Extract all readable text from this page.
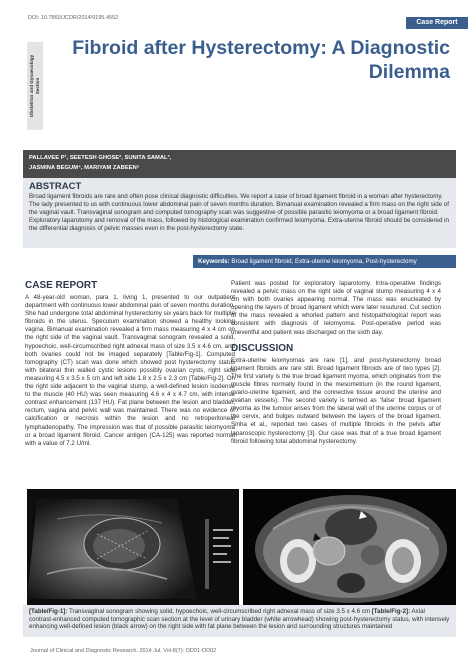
DOI: 10.7860/JCDR/2014/9195.4552
Case Report
Obstetrics and Gynaecology Section
Fibroid after Hysterectomy: A Diagnostic
Dilemma
PALLAVEE P¹, SEETESH GHOSE², SUNITA SAMAL³,
JASMINA BEGUM⁴, MARIYAM ZABEEN⁵
ABSTRACT
Broad ligament fibroids are rare and often pose clinical diagnostic difficulties. We report a case of broad ligament fibroid in a woman after hysterectomy. The lady presented to us with continuous lower abdominal pain of seven months duration. Bimanual examination revealed a firm mass on the right side of the vaginal vault. Transvaginal sonogram and computed tomography scan was suggestive of possible parasitic leiomyoma or a broad ligament fibroid. Exploratory laparotomy and removal of the mass, followed by histological examination confirmed leiomyoma. Extra-uterine fibroid should be considered in the differential diagnosis of pelvic masses even in the post-hysterectomy state.
Keywords: Broad ligament fibroid, Extra-uterine leiomyoma, Post-hysterectomy
CASE REPORT

A 48-year-old woman, para 1, living 1, presented to our outpatient department with continuous lower abdominal pain of seven months duration. She had undergone total abdominal hysterectomy six years back for multiple fibroids in the uterus. Speculum examination showed a healthy looking vagina. Bimanual examination revealed a firm mass measuring 4 x 4 cm on the right side of the vaginal vault. Transvaginal sonogram revealed a solid, hypoechoic, well-circumscribed right adnexal mass of size 3.5 x 4.6 cm, and both ovaries could not be imaged separately [Table/Fig-1]. Computed tomography (CT) scan was done which showed post hysterectomy status with bilateral thin walled cystic lesions possibly ovarian cysts, right side measuring 4.5 x 3.5 x 5 cm and left side 1.8 x 2.5 x 2.3 cm [Table/Fig-2]. On the right side adjacent to the vaginal stump, a well-defined lesion isodense to the muscle (40 HU) was seen measuring 4.6 x 4 x 4.7 cm, with intense contrast enhancement (137 HU). Fat plane between the lesion and bladder, rectum, vagina and pelvic wall was maintained. There was no evidence of calcification or necrosis within the lesion and no retroperitoneal lymphadenopathy. The impression was that of possible parasitic leiomyoma or a broad ligament fibroid. Cancer antigen (CA-125) was reported normal with a value of 7.2 U/ml.

Patient was posted for exploratory laparotomy. Intra-operative findings revealed a pelvic mass on the right side of vaginal stump measuring 4 x 4 cm with both ovaries appearing normal. The mass was enucleated by opening the layers of broad ligament which were later resutured. Cut section of the mass revealed a whorled pattern and histopathological report was consistent with diagnosis of leiomyoma. Post-operative period was uneventful and patient was discharged on the sixth day.

DISCUSSION

Extra-uterine leiomyomas are rare [1], and post-hysterectomy broad ligament fibroids are rare still. Broad ligament fibroids are of two types [2]. The first variety is the true broad ligament myoma, which originates from the muscle fibres normally found in the mesometrium (in the round ligament, ovario-uterine ligament, and the connective tissue around the uterine and ovarian vessels). The second variety is termed as ‘false’ broad ligament myoma as the tumour arises from the lateral wall of the uterine corpus or of the cervix, and bulges outward between the layers of the broad ligament. Sinha et al., reported two cases of multiple fibroids in the pelvis after laparoscopic hysterectomy [3]. Our case was that of a true broad ligament fibroid following total abdominal hysterectomy.

[Table/Fig-1]: Transvaginal sonogram showing solid, hypoechoic, well-circumscribed right adnexal mass of size 3.5 x 4.6 cm [Table/Fig-2]: Axial contrast-enhanced computed tomographic scan section at the level of urinary bladder (white arrowhead) showing post-hysterectomy status, with intensely enhancing well-defined lesion (black arrow) on the right side with fat plane between the lesion and surrounding structures maintained
Journal of Clinical and Diagnostic Research. 2014 Jul, Vol-8(7): OD01-OD02
